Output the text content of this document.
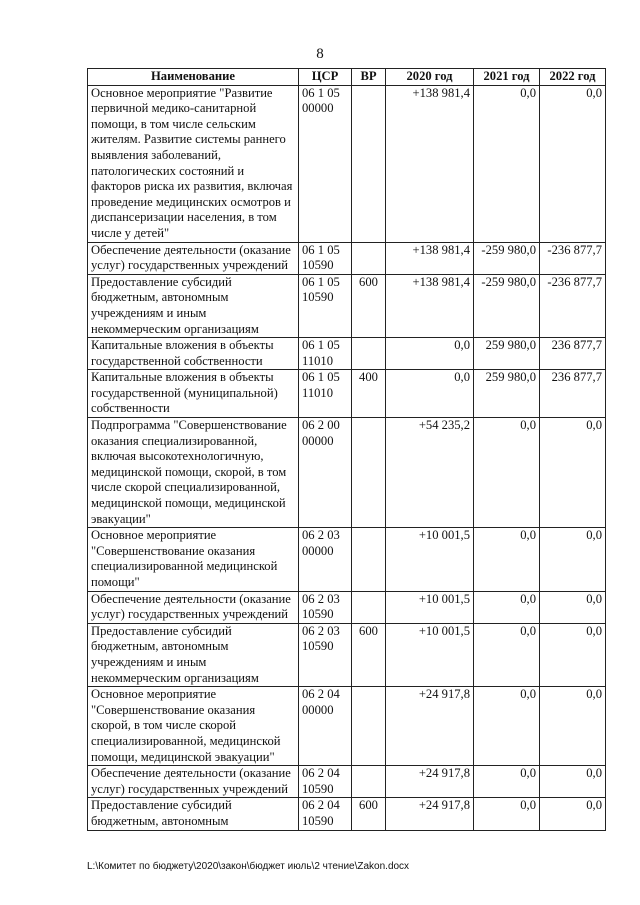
8
Наименование	ЦСР	ВР	2020 год	2021 год	2022 год
Основное мероприятие "Развитие первичной медико-санитарной помощи, в том числе сельским жителям. Развитие системы раннего выявления заболеваний, патологических состояний и факторов риска их развития, включая проведение медицинских осмотров и диспансеризации населения, в том числе у детей"	06 1 05 00000		+138 981,4	0,0	0,0
Обеспечение деятельности (оказание услуг) государственных учреждений	06 1 05 10590		+138 981,4	-259 980,0	-236 877,7
Предоставление субсидий бюджетным, автономным учреждениям и иным некоммерческим организациям	06 1 05 10590	600	+138 981,4	-259 980,0	-236 877,7
Капитальные вложения в объекты государственной собственности	06 1 05 11010		0,0	259 980,0	236 877,7
Капитальные вложения в объекты государственной (муниципальной) собственности	06 1 05 11010	400	0,0	259 980,0	236 877,7
Подпрограмма "Совершенствование оказания специализированной, включая высокотехнологичную, медицинской помощи, скорой, в том числе скорой специализированной, медицинской помощи, медицинской эвакуации"	06 2 00 00000		+54 235,2	0,0	0,0
Основное мероприятие "Совершенствование оказания специализированной медицинской помощи"	06 2 03 00000		+10 001,5	0,0	0,0
Обеспечение деятельности (оказание услуг) государственных учреждений	06 2 03 10590		+10 001,5	0,0	0,0
Предоставление субсидий бюджетным, автономным учреждениям и иным некоммерческим организациям	06 2 03 10590	600	+10 001,5	0,0	0,0
Основное мероприятие "Совершенствование оказания скорой, в том числе скорой специализированной, медицинской помощи, медицинской эвакуации"	06 2 04 00000		+24 917,8	0,0	0,0
Обеспечение деятельности (оказание услуг) государственных учреждений	06 2 04 10590		+24 917,8	0,0	0,0
Предоставление субсидий бюджетным, автономным	06 2 04 10590	600	+24 917,8	0,0	0,0
L:\Комитет по бюджету\2020\закон\бюджет июль\2 чтение\Zakon.docx
